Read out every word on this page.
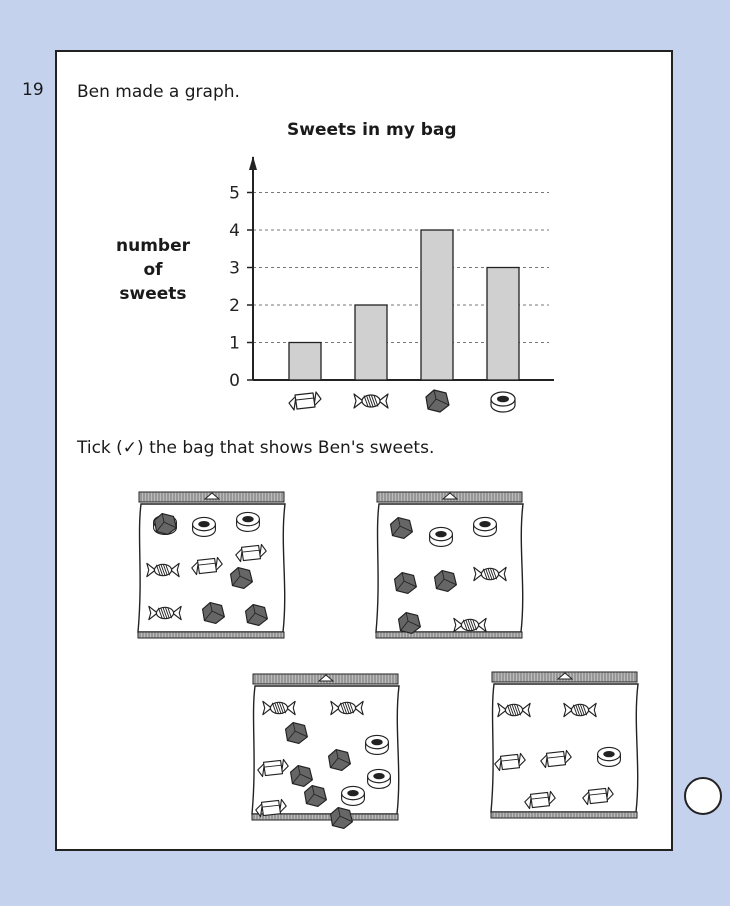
19 Ben made a graph.
Sweets in my bag
number
of
sweets
0
1
2
3
4
5
Tick (✓) the bag that shows Ben's sweets.
